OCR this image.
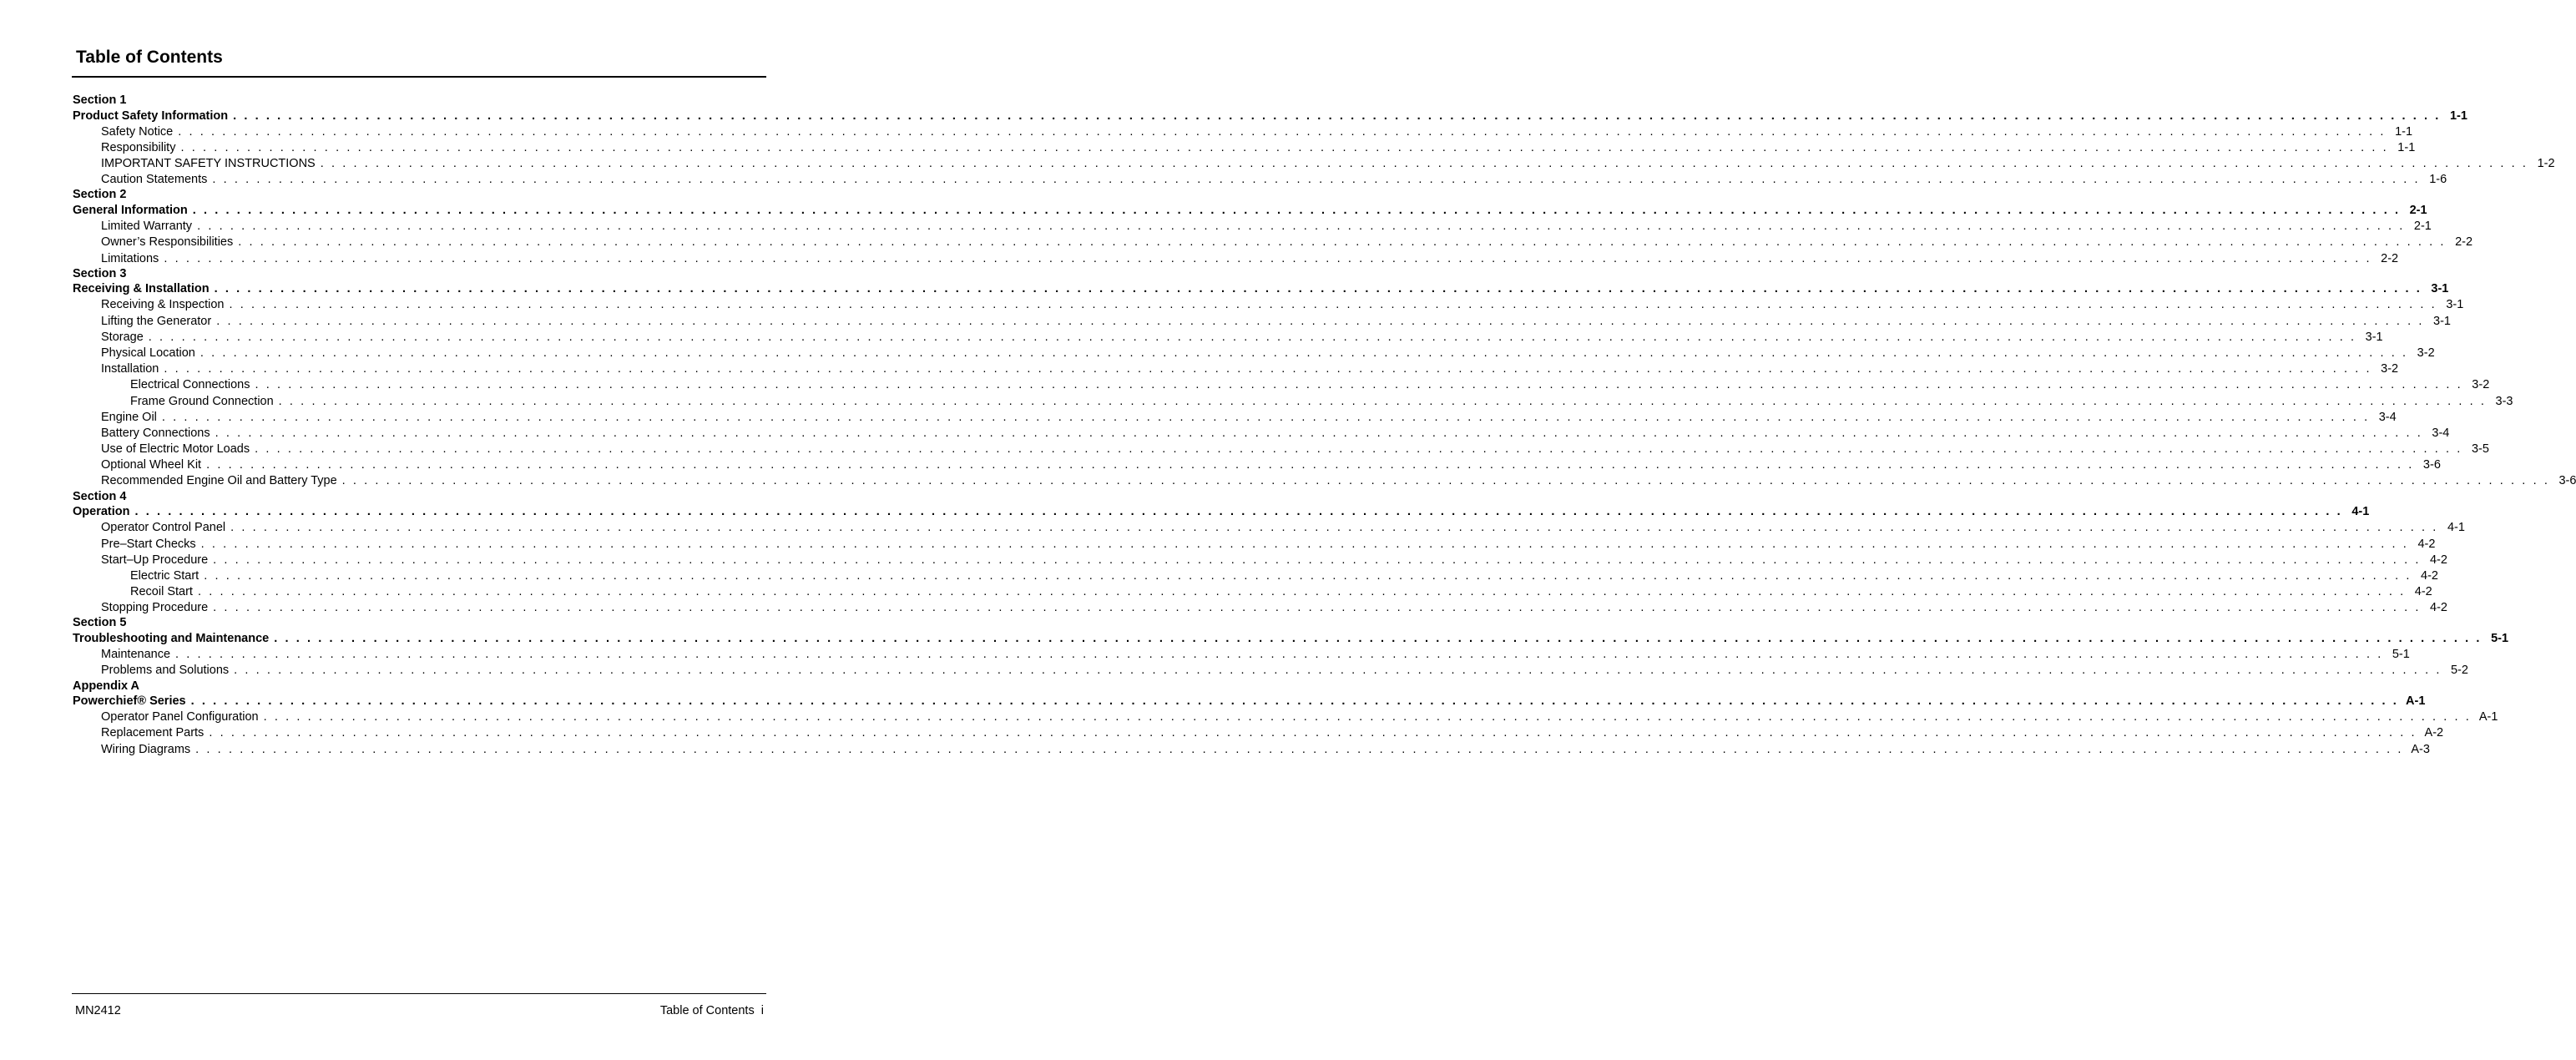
Table of Contents
Section 1
Product Safety Information . . . . . . . . . . . . . . . . . . . . . . . . . . . . . . . . . . . . . . . . . . . . . . . . . . . . . . . . . . . . . . . . . . . . . . . . . . . . . . . . . . . . . . . . . . . . . . . . . . . . . . . . . . . . . . . . . . . . . . . . . . . . . . . . . . . . . . . . . . . . . . . . . . . . . . . . . . . . . . . . . . . . . . . . . . . . . . . . . . . . . . . . . . . . . . . . . . . . . . . . 1-1
Safety Notice . . . . . . . . . . . . . . . . . . . . . . . . . . . . . . . . . . . . . . . . . . . . . . . . . . . . . . . . . . . . . . . . . . . . . . . . . . . . . . . . . . . . . . . . . . . . . . . . . . . . . . . . . . . . . . . . . . . . . . . . . . . . . . . . . . . . . . . . . . . . . . . . . . . . . . . . . . . . . . . . . . . . . . . . . . . . . . . . . . . . . . . . . . . . . . . . . . . . . . . . 1-1
Responsibility . . . . . . . . . . . . . . . . . . . . . . . . . . . . . . . . . . . . . . . . . . . . . . . . . . . . . . . . . . . . . . . . . . . . . . . . . . . . . . . . . . . . . . . . . . . . . . . . . . . . . . . . . . . . . . . . . . . . . . . . . . . . . . . . . . . . . . . . . . . . . . . . . . . . . . . . . . . . . . . . . . . . . . . . . . . . . . . . . . . . . . . . . . . . . . . . . . . . . . . . 1-1
IMPORTANT SAFETY INSTRUCTIONS . . . . . . . . . . . . . . . . . . . . . . . . . . . . . . . . . . . . . . . . . . . . . . . . . . . . . . . . . . . . . . . . . . . . . . . . . . . . . . . . . . . . . . . . . . . . . . . . . . . . . . . . . . . . . . . . . . . . . . . . . . . . . . . . . . . . . . . . . . . . . . . . . . . . . . . . . . . . . . . . . . . . . . . . . . . . . . . . . . . . . . . . . . . . . . . . . . . . . . . . 1-2
Caution Statements . . . . . . . . . . . . . . . . . . . . . . . . . . . . . . . . . . . . . . . . . . . . . . . . . . . . . . . . . . . . . . . . . . . . . . . . . . . . . . . . . . . . . . . . . . . . . . . . . . . . . . . . . . . . . . . . . . . . . . . . . . . . . . . . . . . . . . . . . . . . . . . . . . . . . . . . . . . . . . . . . . . . . . . . . . . . . . . . . . . . . . . . . . . . . . . . . . . . . . . . 1-6
Section 2
General Information . . . . . . . . . . . . . . . . . . . . . . . . . . . . . . . . . . . . . . . . . . . . . . . . . . . . . . . . . . . . . . . . . . . . . . . . . . . . . . . . . . . . . . . . . . . . . . . . . . . . . . . . . . . . . . . . . . . . . . . . . . . . . . . . . . . . . . . . . . . . . . . . . . . . . . . . . . . . . . . . . . . . . . . . . . . . . . . . . . . . . . . . . . . . . . . . . . . . . . . . 2-1
Limited Warranty . . . . . . . . . . . . . . . . . . . . . . . . . . . . . . . . . . . . . . . . . . . . . . . . . . . . . . . . . . . . . . . . . . . . . . . . . . . . . . . . . . . . . . . . . . . . . . . . . . . . . . . . . . . . . . . . . . . . . . . . . . . . . . . . . . . . . . . . . . . . . . . . . . . . . . . . . . . . . . . . . . . . . . . . . . . . . . . . . . . . . . . . . . . . . . . . . . . . . . . . 2-1
Owner’s Responsibilities . . . . . . . . . . . . . . . . . . . . . . . . . . . . . . . . . . . . . . . . . . . . . . . . . . . . . . . . . . . . . . . . . . . . . . . . . . . . . . . . . . . . . . . . . . . . . . . . . . . . . . . . . . . . . . . . . . . . . . . . . . . . . . . . . . . . . . . . . . . . . . . . . . . . . . . . . . . . . . . . . . . . . . . . . . . . . . . . . . . . . . . . . . . . . . . . . . . . . . . . 2-2
Limitations . . . . . . . . . . . . . . . . . . . . . . . . . . . . . . . . . . . . . . . . . . . . . . . . . . . . . . . . . . . . . . . . . . . . . . . . . . . . . . . . . . . . . . . . . . . . . . . . . . . . . . . . . . . . . . . . . . . . . . . . . . . . . . . . . . . . . . . . . . . . . . . . . . . . . . . . . . . . . . . . . . . . . . . . . . . . . . . . . . . . . . . . . . . . . . . . . . . . . . . . 2-2
Section 3
Receiving & Installation . . . . . . . . . . . . . . . . . . . . . . . . . . . . . . . . . . . . . . . . . . . . . . . . . . . . . . . . . . . . . . . . . . . . . . . . . . . . . . . . . . . . . . . . . . . . . . . . . . . . . . . . . . . . . . . . . . . . . . . . . . . . . . . . . . . . . . . . . . . . . . . . . . . . . . . . . . . . . . . . . . . . . . . . . . . . . . . . . . . . . . . . . . . . . . . . . . . . . . . . 3-1
Receiving & Inspection . . . . . . . . . . . . . . . . . . . . . . . . . . . . . . . . . . . . . . . . . . . . . . . . . . . . . . . . . . . . . . . . . . . . . . . . . . . . . . . . . . . . . . . . . . . . . . . . . . . . . . . . . . . . . . . . . . . . . . . . . . . . . . . . . . . . . . . . . . . . . . . . . . . . . . . . . . . . . . . . . . . . . . . . . . . . . . . . . . . . . . . . . . . . . . . . . . . . . . . . 3-1
Lifting the Generator . . . . . . . . . . . . . . . . . . . . . . . . . . . . . . . . . . . . . . . . . . . . . . . . . . . . . . . . . . . . . . . . . . . . . . . . . . . . . . . . . . . . . . . . . . . . . . . . . . . . . . . . . . . . . . . . . . . . . . . . . . . . . . . . . . . . . . . . . . . . . . . . . . . . . . . . . . . . . . . . . . . . . . . . . . . . . . . . . . . . . . . . . . . . . . . . . . . . . . . . 3-1
Storage . . . . . . . . . . . . . . . . . . . . . . . . . . . . . . . . . . . . . . . . . . . . . . . . . . . . . . . . . . . . . . . . . . . . . . . . . . . . . . . . . . . . . . . . . . . . . . . . . . . . . . . . . . . . . . . . . . . . . . . . . . . . . . . . . . . . . . . . . . . . . . . . . . . . . . . . . . . . . . . . . . . . . . . . . . . . . . . . . . . . . . . . . . . . . . . . . . . . . . . . 3-1
Physical Location . . . . . . . . . . . . . . . . . . . . . . . . . . . . . . . . . . . . . . . . . . . . . . . . . . . . . . . . . . . . . . . . . . . . . . . . . . . . . . . . . . . . . . . . . . . . . . . . . . . . . . . . . . . . . . . . . . . . . . . . . . . . . . . . . . . . . . . . . . . . . . . . . . . . . . . . . . . . . . . . . . . . . . . . . . . . . . . . . . . . . . . . . . . . . . . . . . . . . . . . 3-2
Installation . . . . . . . . . . . . . . . . . . . . . . . . . . . . . . . . . . . . . . . . . . . . . . . . . . . . . . . . . . . . . . . . . . . . . . . . . . . . . . . . . . . . . . . . . . . . . . . . . . . . . . . . . . . . . . . . . . . . . . . . . . . . . . . . . . . . . . . . . . . . . . . . . . . . . . . . . . . . . . . . . . . . . . . . . . . . . . . . . . . . . . . . . . . . . . . . . . . . . . . . 3-2
Electrical Connections . . . . . . . . . . . . . . . . . . . . . . . . . . . . . . . . . . . . . . . . . . . . . . . . . . . . . . . . . . . . . . . . . . . . . . . . . . . . . . . . . . . . . . . . . . . . . . . . . . . . . . . . . . . . . . . . . . . . . . . . . . . . . . . . . . . . . . . . . . . . . . . . . . . . . . . . . . . . . . . . . . . . . . . . . . . . . . . . . . . . . . . . . . . . . . . . . . . . . . . . 3-2
Frame Ground Connection . . . . . . . . . . . . . . . . . . . . . . . . . . . . . . . . . . . . . . . . . . . . . . . . . . . . . . . . . . . . . . . . . . . . . . . . . . . . . . . . . . . . . . . . . . . . . . . . . . . . . . . . . . . . . . . . . . . . . . . . . . . . . . . . . . . . . . . . . . . . . . . . . . . . . . . . . . . . . . . . . . . . . . . . . . . . . . . . . . . . . . . . . . . . . . . . . . . . . . . . 3-3
Engine Oil . . . . . . . . . . . . . . . . . . . . . . . . . . . . . . . . . . . . . . . . . . . . . . . . . . . . . . . . . . . . . . . . . . . . . . . . . . . . . . . . . . . . . . . . . . . . . . . . . . . . . . . . . . . . . . . . . . . . . . . . . . . . . . . . . . . . . . . . . . . . . . . . . . . . . . . . . . . . . . . . . . . . . . . . . . . . . . . . . . . . . . . . . . . . . . . . . . . . . . . . 3-4
Battery Connections . . . . . . . . . . . . . . . . . . . . . . . . . . . . . . . . . . . . . . . . . . . . . . . . . . . . . . . . . . . . . . . . . . . . . . . . . . . . . . . . . . . . . . . . . . . . . . . . . . . . . . . . . . . . . . . . . . . . . . . . . . . . . . . . . . . . . . . . . . . . . . . . . . . . . . . . . . . . . . . . . . . . . . . . . . . . . . . . . . . . . . . . . . . . . . . . . . . . . . . . 3-4
Use of Electric Motor Loads . . . . . . . . . . . . . . . . . . . . . . . . . . . . . . . . . . . . . . . . . . . . . . . . . . . . . . . . . . . . . . . . . . . . . . . . . . . . . . . . . . . . . . . . . . . . . . . . . . . . . . . . . . . . . . . . . . . . . . . . . . . . . . . . . . . . . . . . . . . . . . . . . . . . . . . . . . . . . . . . . . . . . . . . . . . . . . . . . . . . . . . . . . . . . . . . . . . . . . . . 3-5
Optional Wheel Kit . . . . . . . . . . . . . . . . . . . . . . . . . . . . . . . . . . . . . . . . . . . . . . . . . . . . . . . . . . . . . . . . . . . . . . . . . . . . . . . . . . . . . . . . . . . . . . . . . . . . . . . . . . . . . . . . . . . . . . . . . . . . . . . . . . . . . . . . . . . . . . . . . . . . . . . . . . . . . . . . . . . . . . . . . . . . . . . . . . . . . . . . . . . . . . . . . . . . . . . . 3-6
Recommended Engine Oil and Battery Type . . . . . . . . . . . . . . . . . . . . . . . . . . . . . . . . . . . . . . . . . . . . . . . . . . . . . . . . . . . . . . . . . . . . . . . . . . . . . . . . . . . . . . . . . . . . . . . . . . . . . . . . . . . . . . . . . . . . . . . . . . . . . . . . . . . . . . . . . . . . . . . . . . . . . . . . . . . . . . . . . . . . . . . . . . . . . . . . . . . . . . . . . . . . . . . . . . . . . . . . 3-6
Section 4
Operation . . . . . . . . . . . . . . . . . . . . . . . . . . . . . . . . . . . . . . . . . . . . . . . . . . . . . . . . . . . . . . . . . . . . . . . . . . . . . . . . . . . . . . . . . . . . . . . . . . . . . . . . . . . . . . . . . . . . . . . . . . . . . . . . . . . . . . . . . . . . . . . . . . . . . . . . . . . . . . . . . . . . . . . . . . . . . . . . . . . . . . . . . . . . . . . . . . . . . . . . 4-1
Operator Control Panel . . . . . . . . . . . . . . . . . . . . . . . . . . . . . . . . . . . . . . . . . . . . . . . . . . . . . . . . . . . . . . . . . . . . . . . . . . . . . . . . . . . . . . . . . . . . . . . . . . . . . . . . . . . . . . . . . . . . . . . . . . . . . . . . . . . . . . . . . . . . . . . . . . . . . . . . . . . . . . . . . . . . . . . . . . . . . . . . . . . . . . . . . . . . . . . . . . . . . . . . 4-1
Pre–Start Checks . . . . . . . . . . . . . . . . . . . . . . . . . . . . . . . . . . . . . . . . . . . . . . . . . . . . . . . . . . . . . . . . . . . . . . . . . . . . . . . . . . . . . . . . . . . . . . . . . . . . . . . . . . . . . . . . . . . . . . . . . . . . . . . . . . . . . . . . . . . . . . . . . . . . . . . . . . . . . . . . . . . . . . . . . . . . . . . . . . . . . . . . . . . . . . . . . . . . . . . . 4-2
Start–Up Procedure . . . . . . . . . . . . . . . . . . . . . . . . . . . . . . . . . . . . . . . . . . . . . . . . . . . . . . . . . . . . . . . . . . . . . . . . . . . . . . . . . . . . . . . . . . . . . . . . . . . . . . . . . . . . . . . . . . . . . . . . . . . . . . . . . . . . . . . . . . . . . . . . . . . . . . . . . . . . . . . . . . . . . . . . . . . . . . . . . . . . . . . . . . . . . . . . . . . . . . . . 4-2
Electric Start . . . . . . . . . . . . . . . . . . . . . . . . . . . . . . . . . . . . . . . . . . . . . . . . . . . . . . . . . . . . . . . . . . . . . . . . . . . . . . . . . . . . . . . . . . . . . . . . . . . . . . . . . . . . . . . . . . . . . . . . . . . . . . . . . . . . . . . . . . . . . . . . . . . . . . . . . . . . . . . . . . . . . . . . . . . . . . . . . . . . . . . . . . . . . . . . . . . . . . . . 4-2
Recoil Start . . . . . . . . . . . . . . . . . . . . . . . . . . . . . . . . . . . . . . . . . . . . . . . . . . . . . . . . . . . . . . . . . . . . . . . . . . . . . . . . . . . . . . . . . . . . . . . . . . . . . . . . . . . . . . . . . . . . . . . . . . . . . . . . . . . . . . . . . . . . . . . . . . . . . . . . . . . . . . . . . . . . . . . . . . . . . . . . . . . . . . . . . . . . . . . . . . . . . . . . 4-2
Stopping Procedure . . . . . . . . . . . . . . . . . . . . . . . . . . . . . . . . . . . . . . . . . . . . . . . . . . . . . . . . . . . . . . . . . . . . . . . . . . . . . . . . . . . . . . . . . . . . . . . . . . . . . . . . . . . . . . . . . . . . . . . . . . . . . . . . . . . . . . . . . . . . . . . . . . . . . . . . . . . . . . . . . . . . . . . . . . . . . . . . . . . . . . . . . . . . . . . . . . . . . . . . 4-2
Section 5
Troubleshooting and Maintenance . . . . . . . . . . . . . . . . . . . . . . . . . . . . . . . . . . . . . . . . . . . . . . . . . . . . . . . . . . . . . . . . . . . . . . . . . . . . . . . . . . . . . . . . . . . . . . . . . . . . . . . . . . . . . . . . . . . . . . . . . . . . . . . . . . . . . . . . . . . . . . . . . . . . . . . . . . . . . . . . . . . . . . . . . . . . . . . . . . . . . . . . . . . . . . . . . . . . . . . . 5-1
Maintenance . . . . . . . . . . . . . . . . . . . . . . . . . . . . . . . . . . . . . . . . . . . . . . . . . . . . . . . . . . . . . . . . . . . . . . . . . . . . . . . . . . . . . . . . . . . . . . . . . . . . . . . . . . . . . . . . . . . . . . . . . . . . . . . . . . . . . . . . . . . . . . . . . . . . . . . . . . . . . . . . . . . . . . . . . . . . . . . . . . . . . . . . . . . . . . . . . . . . . . . . 5-1
Problems and Solutions . . . . . . . . . . . . . . . . . . . . . . . . . . . . . . . . . . . . . . . . . . . . . . . . . . . . . . . . . . . . . . . . . . . . . . . . . . . . . . . . . . . . . . . . . . . . . . . . . . . . . . . . . . . . . . . . . . . . . . . . . . . . . . . . . . . . . . . . . . . . . . . . . . . . . . . . . . . . . . . . . . . . . . . . . . . . . . . . . . . . . . . . . . . . . . . . . . . . . . . . 5-2
Appendix A
Powerchief® Series . . . . . . . . . . . . . . . . . . . . . . . . . . . . . . . . . . . . . . . . . . . . . . . . . . . . . . . . . . . . . . . . . . . . . . . . . . . . . . . . . . . . . . . . . . . . . . . . . . . . . . . . . . . . . . . . . . . . . . . . . . . . . . . . . . . . . . . . . . . . . . . . . . . . . . . . . . . . . . . . . . . . . . . . . . . . . . . . . . . . . . . . . . . . . . . . . . . . . . . . A-1
Operator Panel Configuration . . . . . . . . . . . . . . . . . . . . . . . . . . . . . . . . . . . . . . . . . . . . . . . . . . . . . . . . . . . . . . . . . . . . . . . . . . . . . . . . . . . . . . . . . . . . . . . . . . . . . . . . . . . . . . . . . . . . . . . . . . . . . . . . . . . . . . . . . . . . . . . . . . . . . . . . . . . . . . . . . . . . . . . . . . . . . . . . . . . . . . . . . . . . . . . . . . . . . . . . A-1
Replacement Parts . . . . . . . . . . . . . . . . . . . . . . . . . . . . . . . . . . . . . . . . . . . . . . . . . . . . . . . . . . . . . . . . . . . . . . . . . . . . . . . . . . . . . . . . . . . . . . . . . . . . . . . . . . . . . . . . . . . . . . . . . . . . . . . . . . . . . . . . . . . . . . . . . . . . . . . . . . . . . . . . . . . . . . . . . . . . . . . . . . . . . . . . . . . . . . . . . . . . . . . . A-2
Wiring Diagrams . . . . . . . . . . . . . . . . . . . . . . . . . . . . . . . . . . . . . . . . . . . . . . . . . . . . . . . . . . . . . . . . . . . . . . . . . . . . . . . . . . . . . . . . . . . . . . . . . . . . . . . . . . . . . . . . . . . . . . . . . . . . . . . . . . . . . . . . . . . . . . . . . . . . . . . . . . . . . . . . . . . . . . . . . . . . . . . . . . . . . . . . . . . . . . . . . . . . . . . . A-3
MN2412	Table of Contents  i
